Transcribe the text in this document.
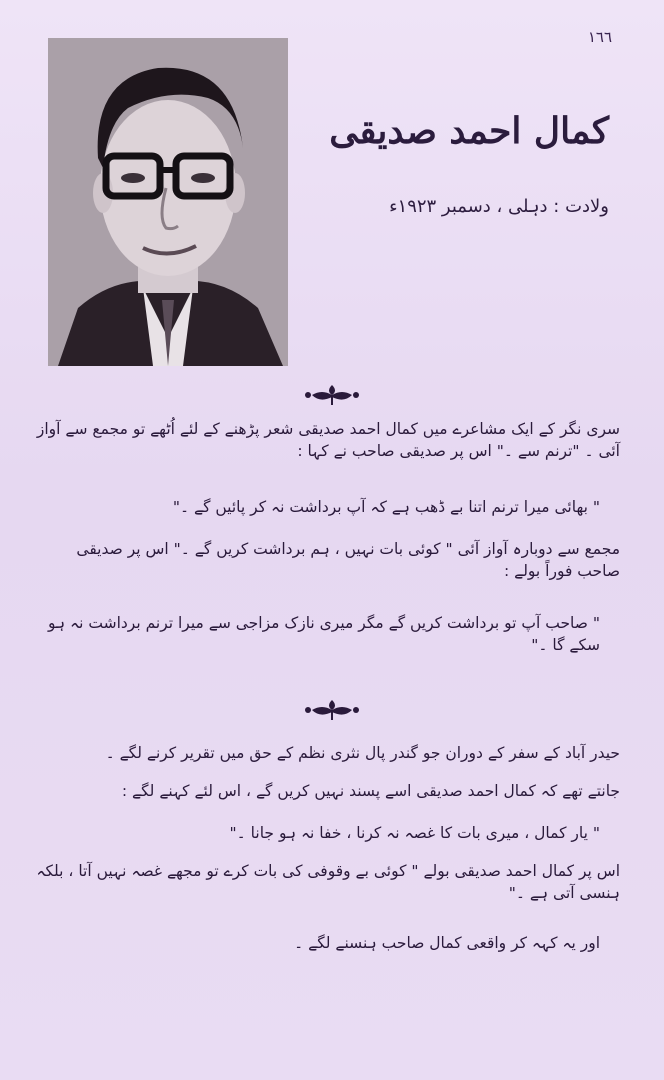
١٦٦
کمال احمد صدیقی
ولادت : دہلی ، دسمبر ۱۹۲۳ء
سری نگر کے ایک مشاعرے میں کمال احمد صدیقی شعر پڑھنے کے لئے اُٹھے تو مجمع سے آواز آئی ۔ "ترنم سے ۔" اس پر صدیقی صاحب نے کہا :
" بھائی میرا ترنم اتنا بے ڈھب ہے کہ آپ برداشت نہ کر پائیں گے ۔"
مجمع سے دوبارہ آواز آئی " کوئی بات نہیں ، ہم برداشت کریں گے ۔" اس پر صدیقی صاحب فوراً بولے :
" صاحب آپ تو برداشت کریں گے مگر میری نازک مزاجی سے میرا ترنم برداشت نہ ہو سکے گا ۔"
حیدر آباد کے سفر کے دوران جو گندر پال نثری نظم کے حق میں تقریر کرنے لگے ۔
جانتے تھے کہ کمال احمد صدیقی اسے پسند نہیں کریں گے ، اس لئے کہنے لگے :
" یار کمال ، میری بات کا غصہ نہ کرنا ، خفا نہ ہو جانا ۔"
اس پر کمال احمد صدیقی بولے " کوئی بے وقوفی کی بات کرے تو مجھے غصہ نہیں آتا ، بلکہ ہنسی آتی ہے ۔"
اور یہ کہہ کر واقعی کمال صاحب ہنسنے لگے ۔
